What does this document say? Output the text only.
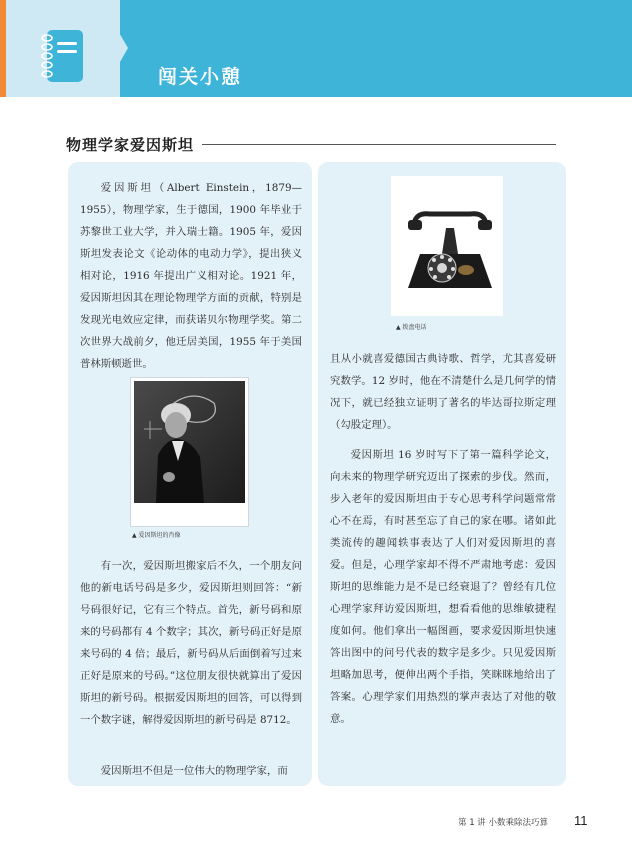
闯关小憩
物理学家爱因斯坦

爱因斯坦（Albert Einstein，1879—1955），物理学家，生于德国，1900 年毕业于苏黎世工业大学，并入瑞士籍。1905 年，爱因斯坦发表论文《论动体的电动力学》，提出狭义相对论，1916 年提出广义相对论。1921 年，爱因斯坦因其在理论物理学方面的贡献，特别是发现光电效应定律，而获诺贝尔物理学奖。第二次世界大战前夕，他迁居美国，1955 年于美国普林斯顿逝世。

▲ 爱因斯坦的肖像

有一次，爱因斯坦搬家后不久，一个朋友问他的新电话号码是多少，爱因斯坦则回答：“新号码很好记，它有三个特点。首先，新号码和原来的号码都有 4 个数字；其次，新号码正好是原来号码的 4 倍；最后，新号码从后面倒着写过来正好是原来的号码。”这位朋友很快就算出了爱因斯坦的新号码。根据爱因斯坦的回答，可以得到一个数字谜，解得爱因斯坦的新号码是 8712。

爱因斯坦不但是一位伟大的物理学家，而

▲ 拨盘电话

且从小就喜爱德国古典诗歌、哲学，尤其喜爱研究数学。12 岁时，他在不清楚什么是几何学的情况下，就已经独立证明了著名的毕达哥拉斯定理（勾股定理）。

爱因斯坦 16 岁时写下了第一篇科学论文，向未来的物理学研究迈出了探索的步伐。然而，步入老年的爱因斯坦由于专心思考科学问题常常心不在焉，有时甚至忘了自己的家在哪。诸如此类流传的趣闻轶事表达了人们对爱因斯坦的喜爱。但是，心理学家却不得不严肃地考虑：爱因斯坦的思维能力是不是已经衰退了？曾经有几位心理学家拜访爱因斯坦，想看看他的思维敏捷程度如何。他们拿出一幅图画，要求爱因斯坦快速答出图中的问号代表的数字是多少。只见爱因斯坦略加思考，便伸出两个手指，笑眯眯地给出了答案。心理学家们用热烈的掌声表达了对他的敬意。

第 1 讲 小数乘除法巧算 11
